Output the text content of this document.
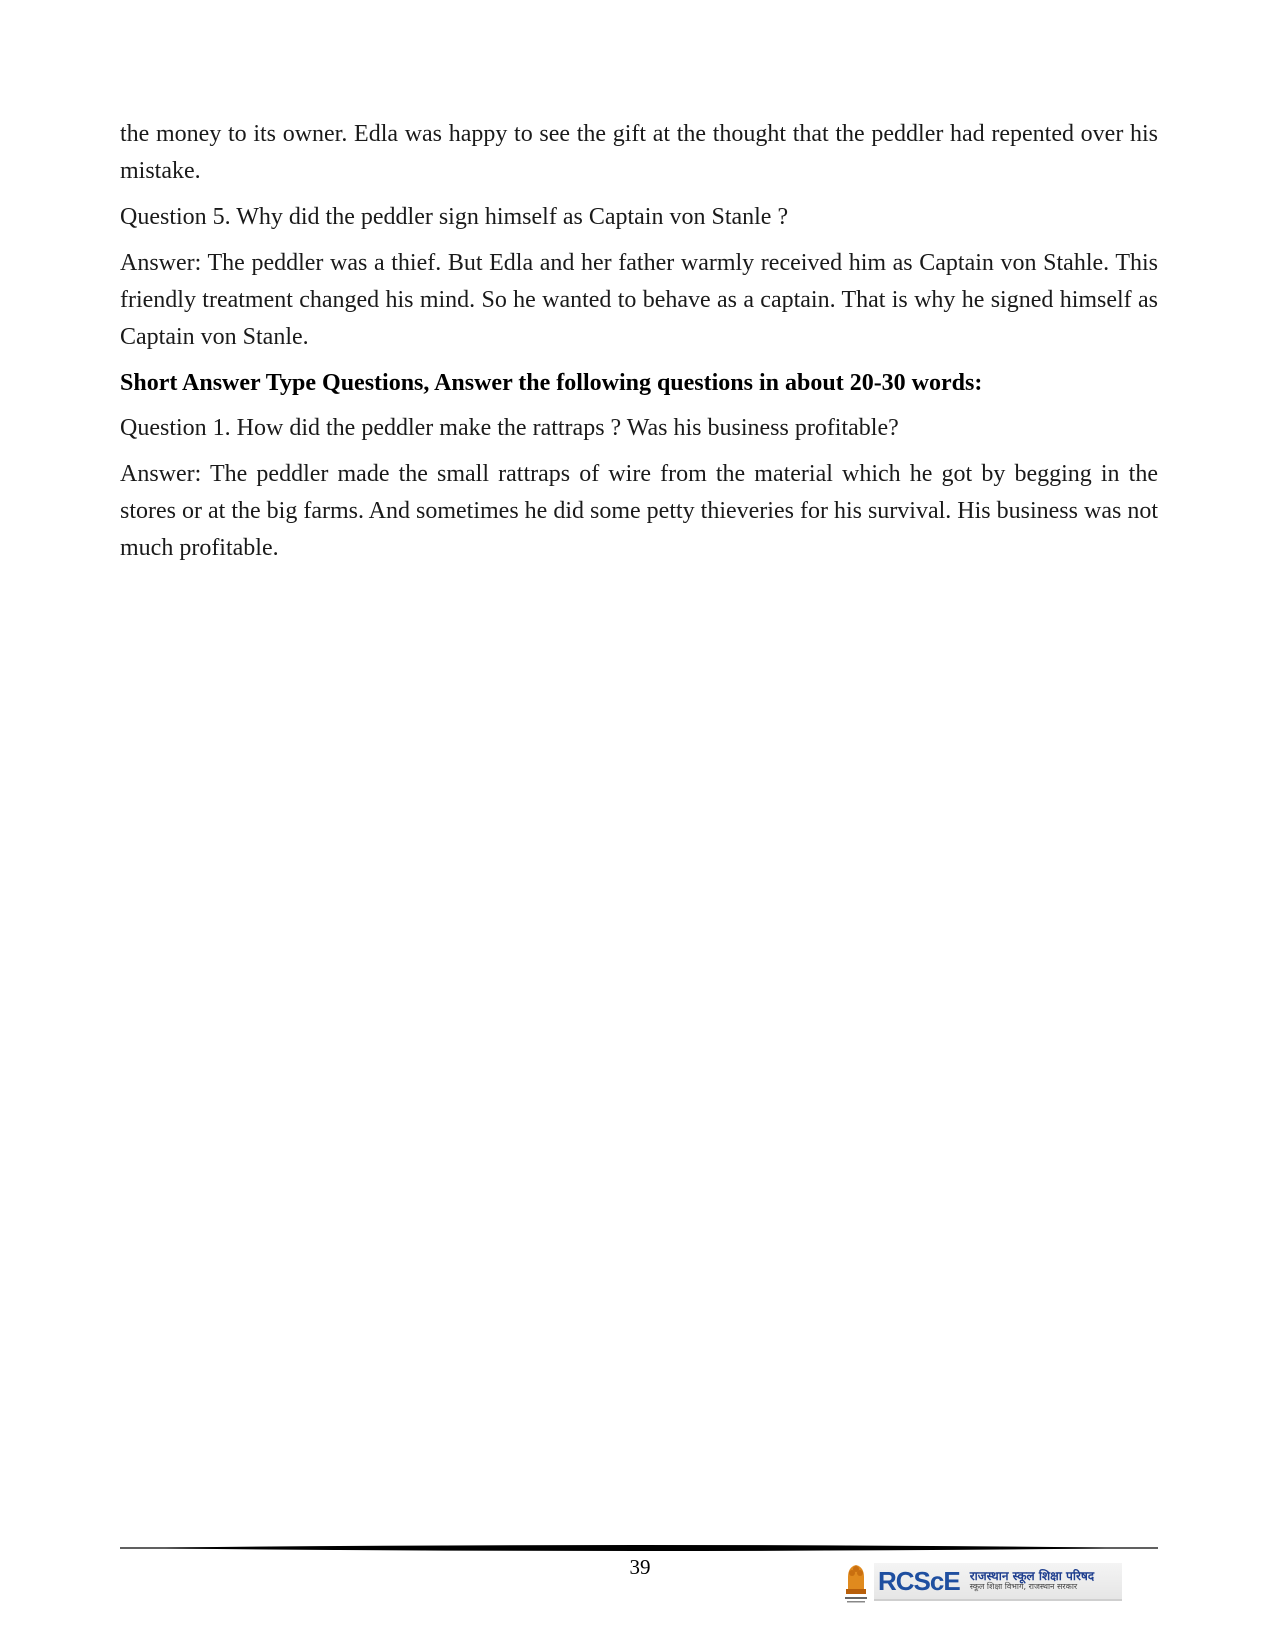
the money to its owner. Edla was happy to see the gift at the thought that the peddler had repented over his mistake.

Question 5. Why did the peddler sign himself as Captain von Stanle ?

Answer: The peddler was a thief. But Edla and her father warmly received him as Captain von Stahle. This friendly treatment changed his mind. So he wanted to behave as a captain. That is why he signed himself as Captain von Stanle.

Short Answer Type Questions, Answer the following questions in about 20-30 words:

Question 1. How did the peddler make the rattraps ? Was his business profitable?

Answer: The peddler made the small rattraps of wire from the material which he got by begging in the stores or at the big farms. And sometimes he did some petty thieveries for his survival. His business was not much profitable.

39	RCScE राजस्थान स्कूल शिक्षा परिषद
स्कूल शिक्षा विभाग, राजस्थान सरकार
